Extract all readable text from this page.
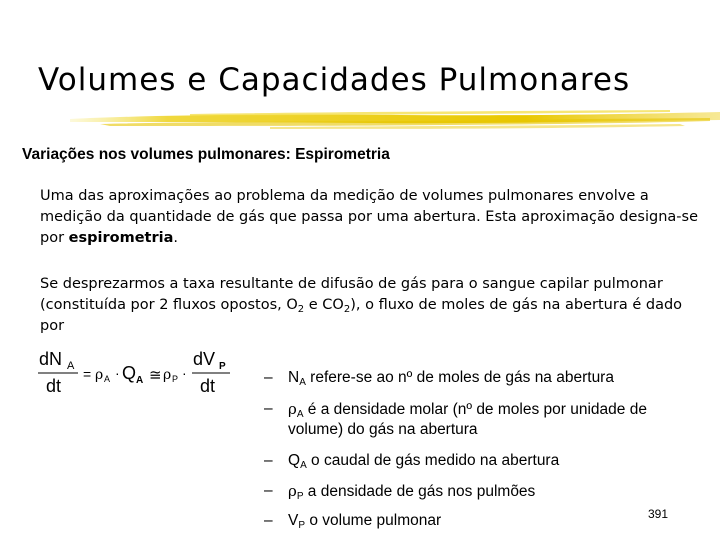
Volumes e Capacidades Pulmonares
Variações nos volumes pulmonares: Espirometria
Uma das aproximações ao problema da medição de volumes pulmonares envolve a medição da quantidade de gás que passa por uma abertura. Esta aproximação designa-se por espirometria.
Se desprezarmos a taxa resultante de difusão de gás para o sangue capilar pulmonar (constituída por 2 fluxos opostos, $O_2$ e $CO_2$), o fluxo de moles de gás na abertura é dado por
dN A
dt
= ρ A · Q A ≅ ρ P ·
dV P
dt	– $N_A$ refere-se ao nº de moles de gás na abertura
– $\rho_A$ é a densidade molar (nº de moles por unidade de volume) do gás na abertura
– $Q_A$ o caudal de gás medido na abertura
– $\rho_P$ a densidade de gás nos pulmões
– $V_P$ o volume pulmonar	391
